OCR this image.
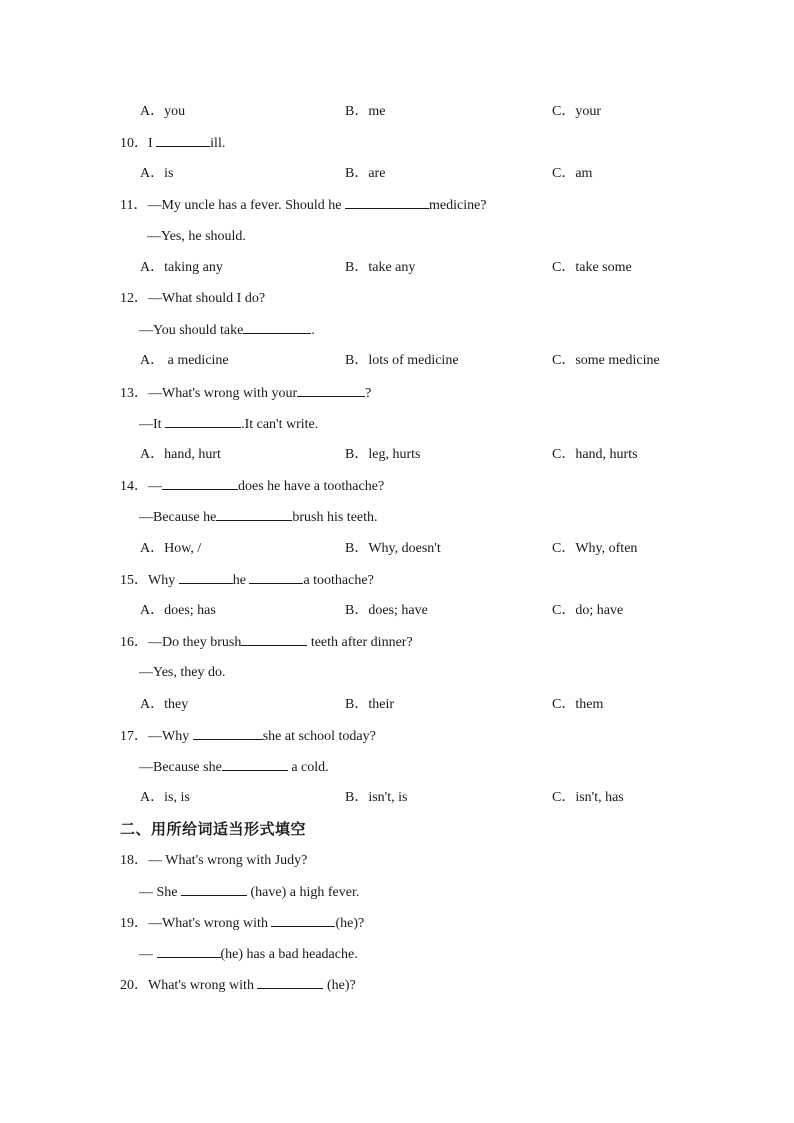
A．you	B．me	C．your
10．I	ill.
A．is	B．are	C．am
11．—My uncle has a fever. Should he	medicine?
—Yes, he should.
A．taking any	B．take any	C．take some
12．—What should I do?
—You should take	.
A． a medicine	B．lots of medicine	C．some medicine
13．—What's wrong with your	?
—It	.It can't write.
A．hand, hurt	B．leg, hurts	C．hand, hurts
14．—	does he have a toothache?
—Because he	brush his teeth.
A．How, /	B．Why, doesn't	C．Why, often
15．Why	he	a toothache?
A．does; has	B．does; have	C．do; have
16．—Do they brush	teeth after dinner?
—Yes, they do.
A．they	B．their	C．them
17．—Why	she at school today?
—Because she	a cold.
A．is, is	B．isn't, is	C．isn't, has
二、用所给词适当形式填空
18．— What's wrong with Judy?
— She	(have) a high fever.
19．—What's wrong with	(he)?
—	(he) has a bad headache.
20．What's wrong with	(he)?
